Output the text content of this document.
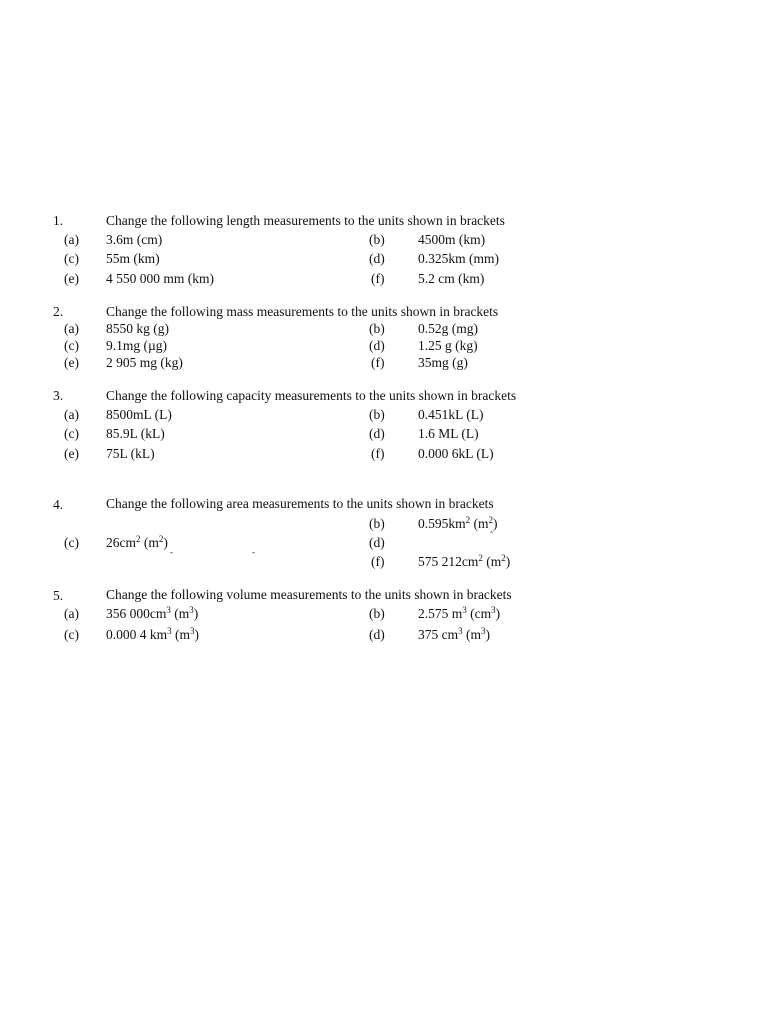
1.	Change the following length measurements to the units shown in brackets
(a) 3.6m (cm)	(b) 4500m (km)
(c) 55m (km)	(d) 0.325km (mm)
(e) 4 550 000 mm (km)	(f) 5.2 cm (km)
2.	Change the following mass measurements to the units shown in brackets
(a) 8550 kg (g)	(b) 0.52g (mg)
(c) 9.1mg (µg)	(d) 1.25 g (kg)
(e) 2 905 mg (kg)	(f) 35mg (g)
3.	Change the following capacity measurements to the units shown in brackets
(a) 8500mL (L)	(b) 0.451kL (L)
(c) 85.9L (kL)	(d) 1.6 ML (L)
(e) 75L (kL)	(f) 0.000 6kL (L)
4.	Change the following area measurements to the units shown in brackets
(b) $0.595km^2$ $(m^2)$
(c) $26cm^2$ $(m^2)$	(d)
(f) 575 $212cm^2$ $(m^2)$
ˆ
-	-
5.	Change the following volume measurements to the units shown in brackets
(a) 356 $000cm^3$ $(m^3)$	(b) 2.575 $m^3$ $(cm^3)$
(c) 0.000 4 $km^3$ $(m^3)$	(d) 375 $cm^3$ $(m^3)$
